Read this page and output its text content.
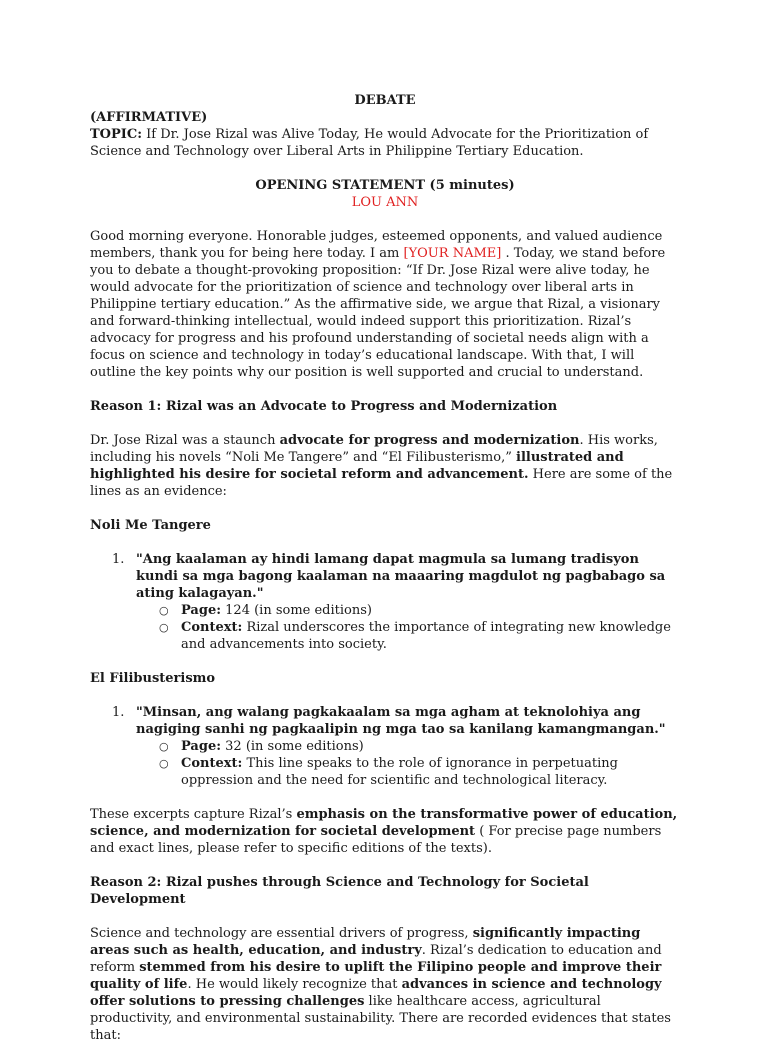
DEBATE

(AFFIRMATIVE)

TOPIC: If Dr. Jose Rizal was Alive Today, He would Advocate for the Prioritization of Science and Technology over Liberal Arts in Philippine Tertiary Education.

OPENING STATEMENT (5 minutes)

LOU ANN

Good morning everyone. Honorable judges, esteemed opponents, and valued audience members, thank you for being here today. I am [YOUR NAME] . Today, we stand before you to debate a thought-provoking proposition: “If Dr. Jose Rizal were alive today, he would advocate for the prioritization of science and technology over liberal arts in Philippine tertiary education.” As the affirmative side, we argue that Rizal, a visionary and forward-thinking intellectual, would indeed support this prioritization. Rizal’s advocacy for progress and his profound understanding of societal needs align with a focus on science and technology in today’s educational landscape. With that, I will outline the key points why our position is well supported and crucial to understand.

Reason 1: Rizal was an Advocate to Progress and Modernization

Dr. Jose Rizal was a staunch advocate for progress and modernization. His works, including his novels “Noli Me Tangere” and “El Filibusterismo,” illustrated and highlighted his desire for societal reform and advancement. Here are some of the lines as an evidence:

Noli Me Tangere

1. "Ang kaalaman ay hindi lamang dapat magmula sa lumang tradisyon kundi sa mga bagong kaalaman na maaaring magdulot ng pagbabago sa ating kalagayan."

○ Page: 124 (in some editions)
○ Context: Rizal underscores the importance of integrating new knowledge and advancements into society.

El Filibusterismo

1. "Minsan, ang walang pagkakaalam sa mga agham at teknolohiya ang nagiging sanhi ng pagkaalipin ng mga tao sa kanilang kamangmangan."

○ Page: 32 (in some editions)
○ Context: This line speaks to the role of ignorance in perpetuating oppression and the need for scientific and technological literacy.

These excerpts capture Rizal’s emphasis on the transformative power of education, science, and modernization for societal development ( For precise page numbers and exact lines, please refer to specific editions of the texts).

Reason 2: Rizal pushes through Science and Technology for Societal Development

Science and technology are essential drivers of progress, significantly impacting areas such as health, education, and industry. Rizal’s dedication to education and reform stemmed from his desire to uplift the Filipino people and improve their quality of life. He would likely recognize that advances in science and technology offer solutions to pressing challenges like healthcare access, agricultural productivity, and environmental sustainability. There are recorded evidences that states that:
